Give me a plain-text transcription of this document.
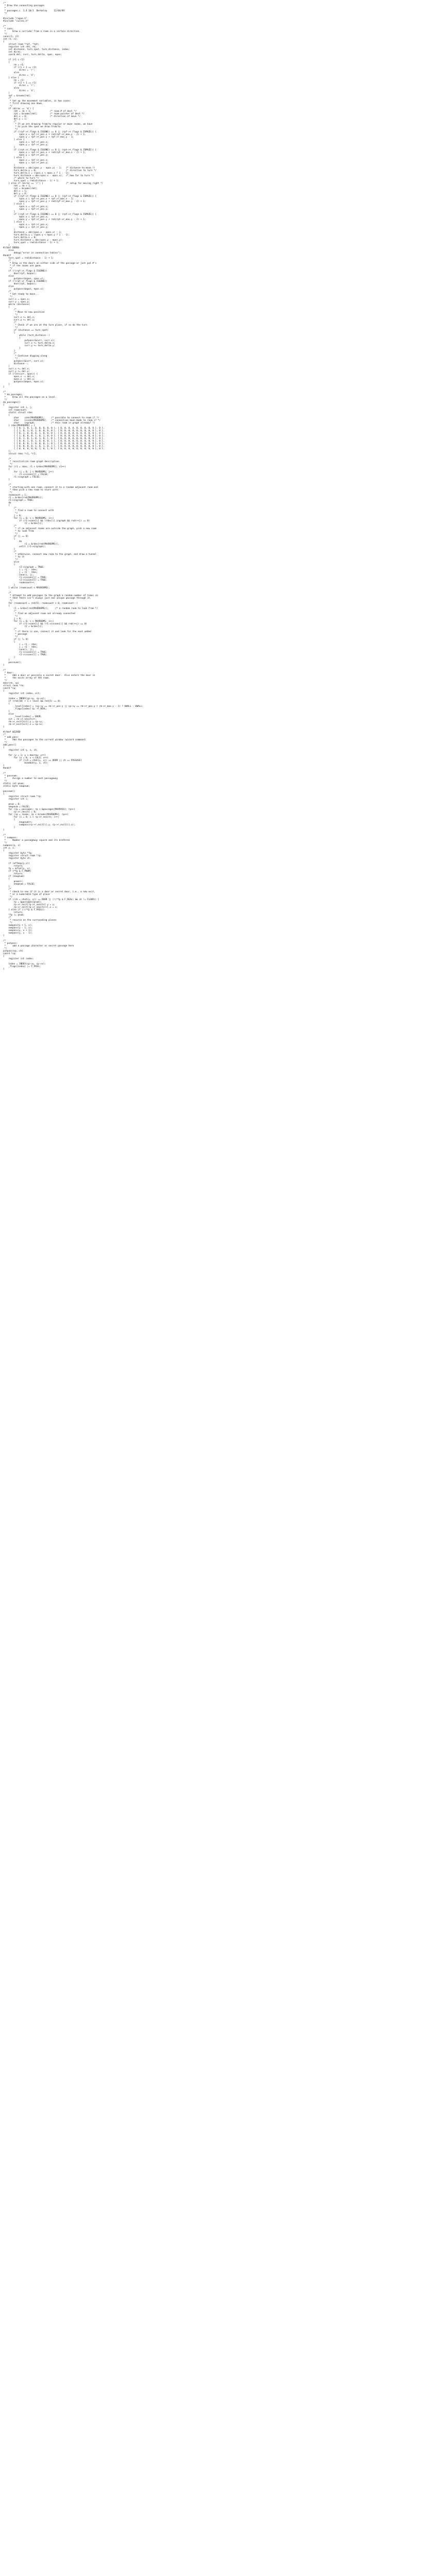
/*
* Draw the connecting passages
*
* passages.c  1.4 10/1  Berkeley     12/04/89
*/

#include "rogue.h"
#include "curses.h"

/*
* conn:
*     Draw a corridor from a room in a certain direction.
*/
conn(r1, r2)
int r1, r2;
{
struct room *rpf, *rpt;
register int rmt, rm;
int distance, turn_spot, turn_distance, index;
int direc;
coord del, curr, turn_delta, spos, epos;

if (r1 < r2)
{
rm = r1;
if (r1 + 1 == r2)
direc = 'r';
else
direc = 'd';
} else {
rm = r2;
if (r2 + 1 == r1)
direc = 'r';
else
direc = 'd';
}
rpf = &rooms[rm];
/*
* Set up the movement variables, in two cases:
* first drawing one down.
*/
if (direc == 'd') {
rmt = rm + 3;              /* room # of dest */
rpt = &rooms[rmt];         /* room pointer of dest */
del.x = 0;                 /* direction of move */
del.y = 1;
/*
* If we are drawing from/to regular or maze rooms, we have
* to pick the spot we draw from/to
*/
if ((rpf->r_flags & ISGONE) == 0 || (rpf->r_flags & ISMAZE)) {
spos.x = rpf->r_pos.x + rnd(rpf->r_max.x - 2) + 1;
spos.y = rpf->r_pos.y + rpf->r_max.y - 1;
} else {
spos.x = rpf->r_pos.x;
spos.y = rpf->r_pos.y;
}
if ((rpt->r_flags & ISGONE) == 0 || (rpt->r_flags & ISMAZE)) {
epos.x = rpt->r_pos.x + rnd(rpt->r_max.x - 2) + 1;
epos.y = rpt->r_pos.y;
} else {
epos.x = rpt->r_pos.x;
epos.y = rpt->r_pos.y;
}
distance = abs(spos.y - epos.y) - 1;   /* distance to move */
turn_delta.y = 0;                      /* direction to turn */
turn_delta.x = (spos.x < epos.x ? 1 : -1);
turn_distance = abs(spos.x - epos.x);  /* how far to turn */
/* where to turn */
turn_spot = rnd(distance - 1) + 1;
} else if (direc == 'r') {                 /* setup for moving right */
rmt = rm + 1;
rpt = &rooms[rmt];
del.x = 1;
del.y = 0;
if ((rpf->r_flags & ISGONE) == 0 || (rpf->r_flags & ISMAZE)) {
spos.x = rpf->r_pos.x + rpf->r_max.x - 1;
spos.y = rpf->r_pos.y + rnd(rpf->r_max.y - 2) + 1;
} else {
spos.x = rpf->r_pos.x;
spos.y = rpf->r_pos.y;
}
if ((rpt->r_flags & ISGONE) == 0 || (rpt->r_flags & ISMAZE)) {
epos.x = rpt->r_pos.x;
epos.y = rpt->r_pos.y + rnd(rpt->r_max.y - 2) + 1;
} else {
epos.x = rpt->r_pos.x;
epos.y = rpt->r_pos.y;
}
distance = abs(spos.x - epos.x) - 1;
turn_delta.y = (spos.y < epos.y ? 1 : -1);
turn_delta.x = 0;
turn_distance = abs(spos.y - epos.y);
turn_spot = rnd(distance - 1) + 1;
}
#ifdef DEBUG
else
debug("error in connection tables");
#endif
turn_spot = rnd(distance - 1) + 1;
/*
* Draw in the doors on either side of the passage or just put #'s
* if the rooms are gone.
*/
if (!(rpf->r_flags & ISGONE))
door(rpf, &spos);
else
putpass(&spos, spos.x);
if (!(rpt->r_flags & ISGONE))
door(rpt, &epos);
else
putpass(&epos, epos.x);
/*
* Get ready to move...
*/
curr.x = spos.x;
curr.y = spos.y;
while (distance)
{
/*
* Move to new position
*/
curr.x += del.x;
curr.y += del.y;
/*
* Check if we are at the turn place, if so do the turn
*/
if (distance == turn_spot)
{
while (turn_distance--)
{
putpass(&curr, curr.x);
curr.x += turn_delta.x;
curr.y += turn_delta.y;
}
}
/*
* Continue digging along
*/
putpass(&curr, curr.x);
distance--;
}
curr.x += del.x;
curr.y += del.y;
if (!ce(curr, epos)) {
epos.x -= del.x;
epos.y -= del.y;
putpass(&epos, epos.x);
}
}

/*
* do_passages:
*     Draw all the passages on a level.
*/
do_passages()
{
register int i, j;
int roomcount;
static struct rdes
{
char    conn[MAXROOMS];     /* possible to connect to room i? */
char    isconn[MAXROOMS];   /* connection been made to room i? */
char    ingraph;            /* this room in graph already? */
} rdes[MAXROOMS] = {
{ { 0, 1, 0, 1, 0, 0, 0, 0, 0 }, { 0, 0, 0, 0, 0, 0, 0, 0, 0 }, 0 },
{ { 1, 0, 1, 0, 1, 0, 0, 0, 0 }, { 0, 0, 0, 0, 0, 0, 0, 0, 0 }, 0 },
{ { 0, 1, 0, 0, 0, 1, 0, 0, 0 }, { 0, 0, 0, 0, 0, 0, 0, 0, 0 }, 0 },
{ { 1, 0, 0, 0, 1, 0, 1, 0, 0 }, { 0, 0, 0, 0, 0, 0, 0, 0, 0 }, 0 },
{ { 0, 1, 0, 1, 0, 1, 0, 1, 0 }, { 0, 0, 0, 0, 0, 0, 0, 0, 0 }, 0 },
{ { 0, 0, 1, 0, 1, 0, 0, 0, 1 }, { 0, 0, 0, 0, 0, 0, 0, 0, 0 }, 0 },
{ { 0, 0, 0, 1, 0, 0, 0, 1, 0 }, { 0, 0, 0, 0, 0, 0, 0, 0, 0 }, 0 },
{ { 0, 0, 0, 0, 1, 0, 1, 0, 1 }, { 0, 0, 0, 0, 0, 0, 0, 0, 0 }, 0 },
{ { 0, 0, 0, 0, 0, 1, 0, 1, 0 }, { 0, 0, 0, 0, 0, 0, 0, 0, 0 }, 0 },
};
struct rdes *r1, *r2;

/*
* reinitialize room graph description
*/
for (r1 = rdes; r1 < &rdes[MAXROOMS]; r1++)
{
for (j = 0; j < MAXROOMS; j++)
r1->isconn[j] = FALSE;
r1->ingraph = FALSE;
}

/*
* starting with one room, connect it to a random adjacent room and
* then pick a new room to start with.
*/
roomcount = 1;
r1 = &rdes[rnd(MAXROOMS)];
r1->ingraph = TRUE;
do
{
/*
* find a room to connect with
*/
j = 0;
for (i = 0; i < MAXROOMS; i++)
if (r1->conn[i] && !rdes[i].ingraph && rnd(++j) == 0)
r2 = &rdes[i];
/*
* if no adjacent rooms are outside the graph, pick a new room
* to look from
*/
if (j == 0)
{
do
r1 = &rdes[rnd(MAXROOMS)];
until (r1->ingraph);
}
/*
* otherwise, connect new room to the graph, and draw a tunnel
* to it
*/
else
{
r2->ingraph = TRUE;
i = r1 - rdes;
j = r2 - rdes;
conn(i, j);
r1->isconn[j] = TRUE;
r2->isconn[i] = TRUE;
roomcount++;
}
} while (roomcount < MAXROOMS);

/*
* attempt to add passages to the graph a random number of times so
* that there isn't always just one unique passage through it.
*/
for (roomcount = rnd(5); roomcount > 0; roomcount--)
{
r1 = &rdes[rnd(MAXROOMS)];     /* a random room to look from */
/*
* find an adjacent room not already connected
*/
j = 0;
for (i = 0; i < MAXROOMS; i++)
if (r1->conn[i] && !r1->isconn[i] && rnd(++j) == 0)
r2 = &rdes[i];
/*
* if there is one, connect it and look for the next added
* passage
*/
if (j != 0)
{
i = r1 - rdes;
j = r2 - rdes;
conn(i, j);
r1->isconn[j] = TRUE;
r2->isconn[i] = TRUE;
}
}
passnum();
}

/*
* door:
*     Add a door or possibly a secret door.  Also enters the door in
*     the exits array of the room.
*/
door(rm, cp)
struct room *rm;
coord *cp;
{
register int index, xit;

index = INDEX(cp->y, cp->x);
if (rnd(10) + 1 < level && rnd(5) == 0)
{
_level[index] = (cp->y == rm->r_pos.y || cp->y == rm->r_pos.y + rm->r_max.y - 1) ? HWALL : VWALL;
_flags[index] &= ~F_REAL;
}
else
_level[index] = DOOR;
xit = rm->r_nexits++;
rm->r_exit[xit].y = cp->y;
rm->r_exit[xit].x = cp->x;
}

#ifdef WIZARD
/*
* add_pass:
*     Add the passages to the current window (wizard command)
*/
add_pass()
{
register int y, x, ch;

for (y = 1; y < maxrow; y++)
for (x = 0; x < COLS; x++)
if ((ch = chat(y, x)) == DOOR || ch == PASSAGE)
mvaddch(y, x, ch);
}
#endif

/*
* passnum:
*     Assign a number to each passageway
*/
static int pnum;
static byte newpnum;

passnum()
{
register struct room *rp;
register int i;

pnum = 0;
newpnum = FALSE;
for (rp = passages; rp < &passages[MAXPASS]; rp++)
rp->r_nexits = 0;
for (rp = rooms; rp < &rooms[MAXROOMS]; rp++)
for (i = 0; i < rp->r_nexits; i++)
{
newpnum++;
numpass(rp->r_exit[i].y, rp->r_exit[i].x);
}
}

/*
* numpass:
*     Number a passageway square and its brethren
*/
numpass(y, x)
int y, x;
{
register byte *fp;
register struct room *rp;
register byte ch;

if (offmap(y,x))
return;
fp = &flat(y, x);
if (*fp & F_PNUM)
return;
if (newpnum)
{
pnum++;
newpnum = FALSE;
}
/*
* check to see if it is a door or secret door, i.e., a new exit,
* or a numerable type of place
*/
if ((ch = chat(y, x)) == DOOR || (!(*fp & F_REAL) && ch != FLOOR)) {
rp = &passages[pnum];
rp->r_exit[rp->r_nexits].y = y;
rp->r_exit[rp->r_nexits++].x = x;
} else if (!(*fp & F_PASS))
return;
*fp |= pnum;
/*
* recurse on the surrounding places
*/
numpass(y + 1, x);
numpass(y - 1, x);
numpass(y, x + 1);
numpass(y, x - 1);
}

/*
* putpass:
*     add a passage character or secret passage here
*/
putpass(cp, ch)
coord *cp;
{
register int index;

index = INDEX(cp->y, cp->x);
_flags[index] |= F_PASS;
}
